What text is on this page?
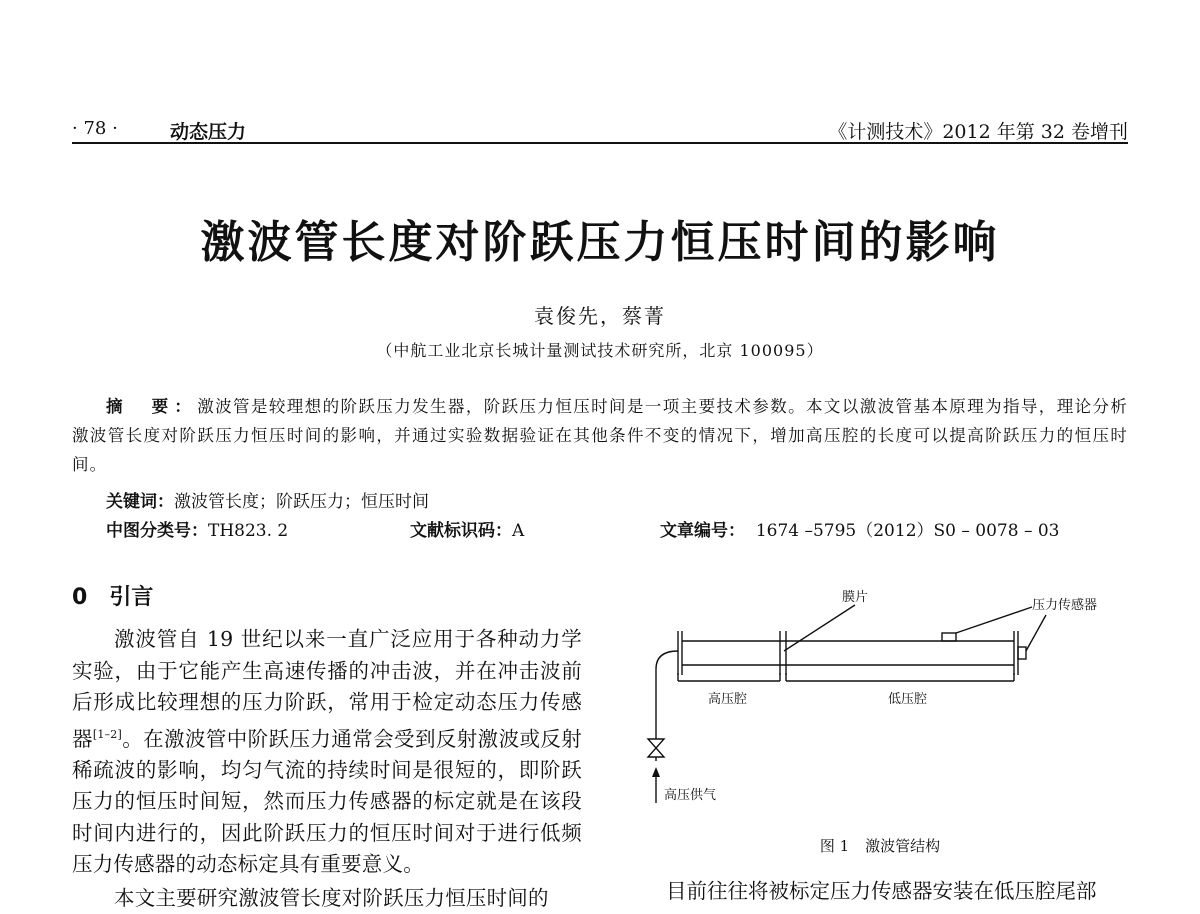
· 78 ·	动态压力	《计测技术》2012 年第 32 卷增刊
激波管长度对阶跃压力恒压时间的影响
袁俊先，蔡菁
（中航工业北京长城计量测试技术研究所，北京 100095）
摘　要：激波管是较理想的阶跃压力发生器，阶跃压力恒压时间是一项主要技术参数。本文以激波管基本原理为指导，理论分析激波管长度对阶跃压力恒压时间的影响，并通过实验数据验证在其他条件不变的情况下，增加高压腔的长度可以提高阶跃压力的恒压时间。
关键词：激波管长度；阶跃压力；恒压时间
中图分类号：TH823. 2	文献标识码：A	文章编号： 1674 –5795（2012）S0 – 0078 – 03
0 引言
激波管自 19 世纪以来一直广泛应用于各种动力学实验，由于它能产生高速传播的冲击波，并在冲击波前后形成比较理想的压力阶跃，常用于检定动态压力传感器[1–2]。在激波管中阶跃压力通常会受到反射激波或反射稀疏波的影响，均匀气流的持续时间是很短的，即阶跃压力的恒压时间短，然而压力传感器的标定就是在该段时间内进行的，因此阶跃压力的恒压时间对于进行低频压力传感器的动态标定具有重要意义。
本文主要研究激波管长度对阶跃压力恒压时间的
膜片
压力传感器
高压腔	低压腔
高压供气
图 1 激波管结构
目前往往将被标定压力传感器安装在低压腔尾部
